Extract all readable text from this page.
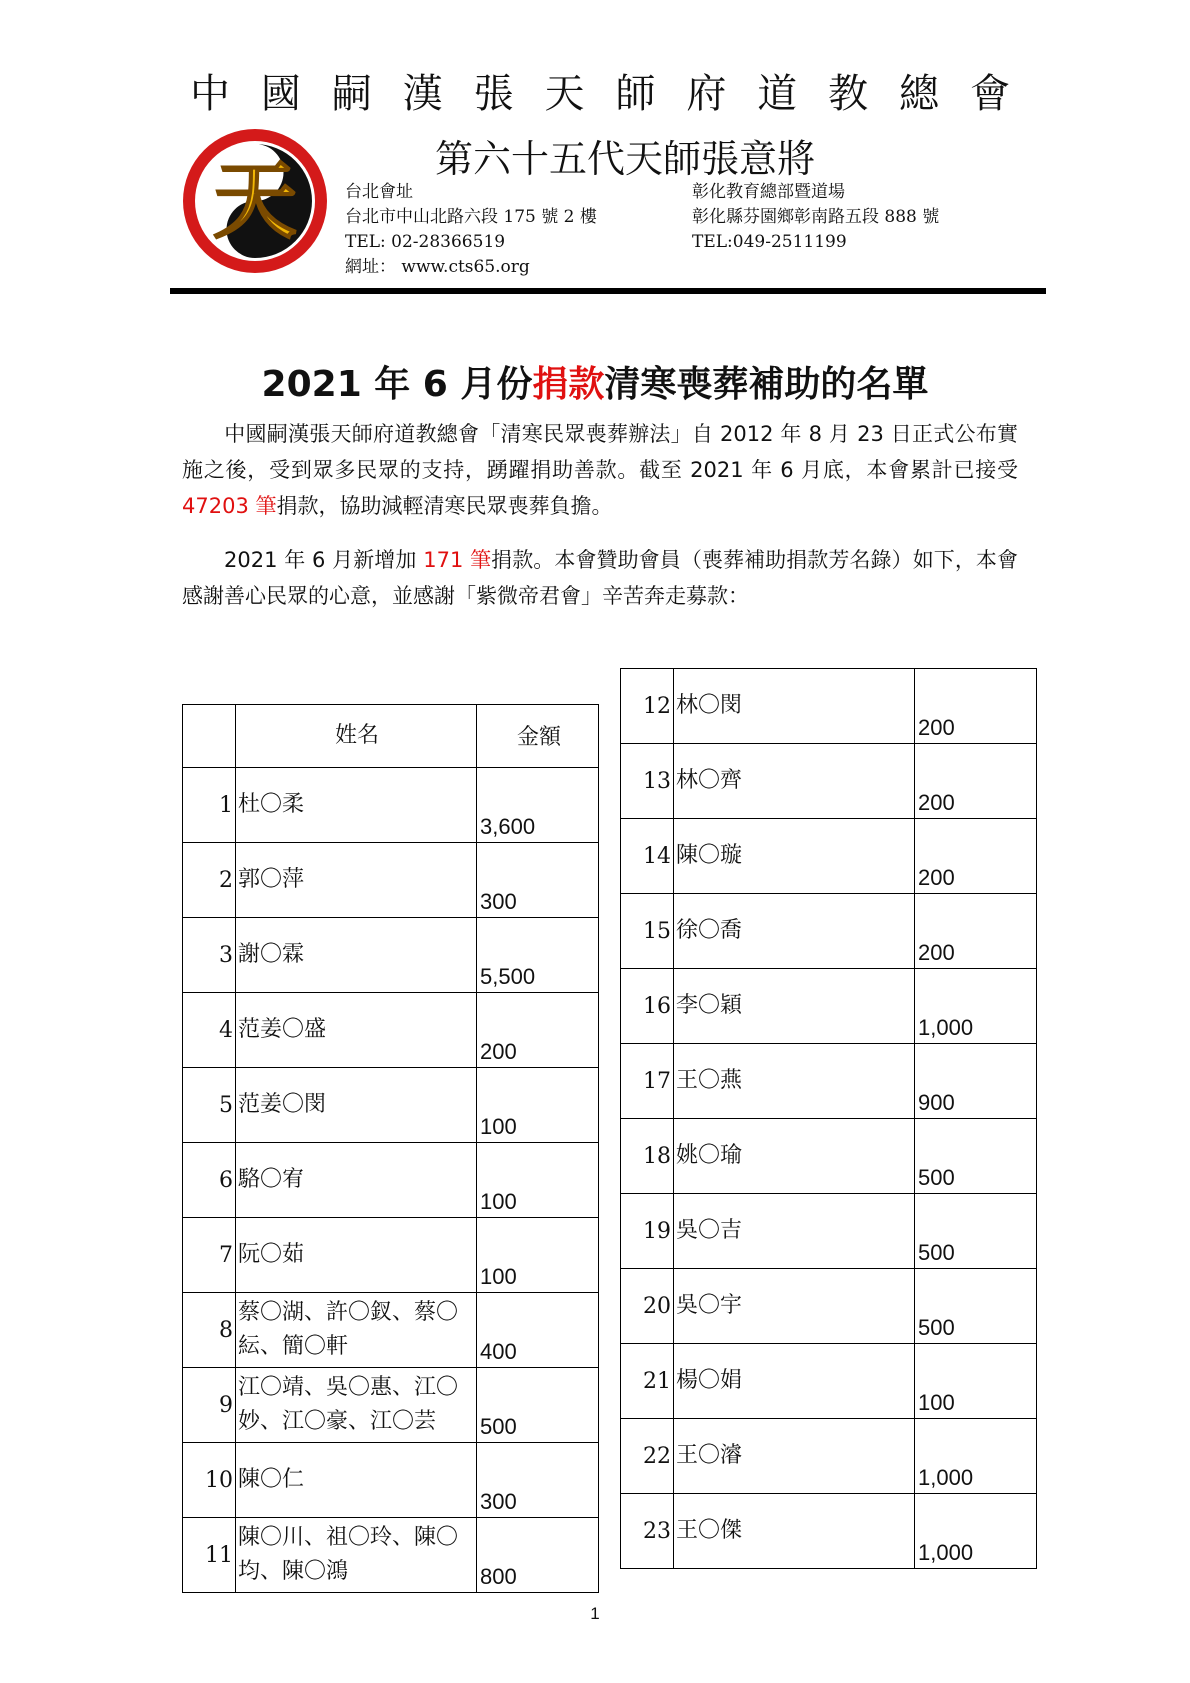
中 國 嗣 漢 張 天 師 府 道 教 總 會
第六十五代天師張意將
天	台北會址
台北市中山北路六段 175 號 2 樓
TEL: 02-28366519
網址： www.cts65.org
彰化教育總部暨道場
彰化縣芬園鄉彰南路五段 888 號
TEL:049-2511199
2021 年 6 月份捐款清寒喪葬補助的名單
  中國嗣漢張天師府道教總會「清寒民眾喪葬辦法」自 2012 年 8 月 23 日正式公布實施之後，受到眾多民眾的支持，踴躍捐助善款。截至 2021 年 6 月底，本會累計已接受 47203 筆捐款，協助減輕清寒民眾喪葬負擔。
  2021 年 6 月新增加 171 筆捐款。本會贊助會員（喪葬補助捐款芳名錄）如下，本會感謝善心民眾的心意，並感謝「紫微帝君會」辛苦奔走募款：
	姓名	金額
1	杜〇柔	3,600
2	郭〇萍	300
3	謝〇霖	5,500
4	范姜〇盛	200
5	范姜〇閔	100
6	駱〇宥	100
7	阮〇茹	100
8	蔡〇湖、許〇釵、蔡〇紜、簡〇軒	400
9	江〇靖、吳〇惠、江〇妙、江〇豪、江〇芸	500
10	陳〇仁	300
11	陳〇川、祖〇玲、陳〇均、陳〇鴻	800
12	林〇閔	200
13	林〇齊	200
14	陳〇璇	200
15	徐〇喬	200
16	李〇穎	1,000
17	王〇燕	900
18	姚〇瑜	500
19	吳〇吉	500
20	吳〇宇	500
21	楊〇娟	100
22	王〇濬	1,000
23	王〇傑	1,000
1
